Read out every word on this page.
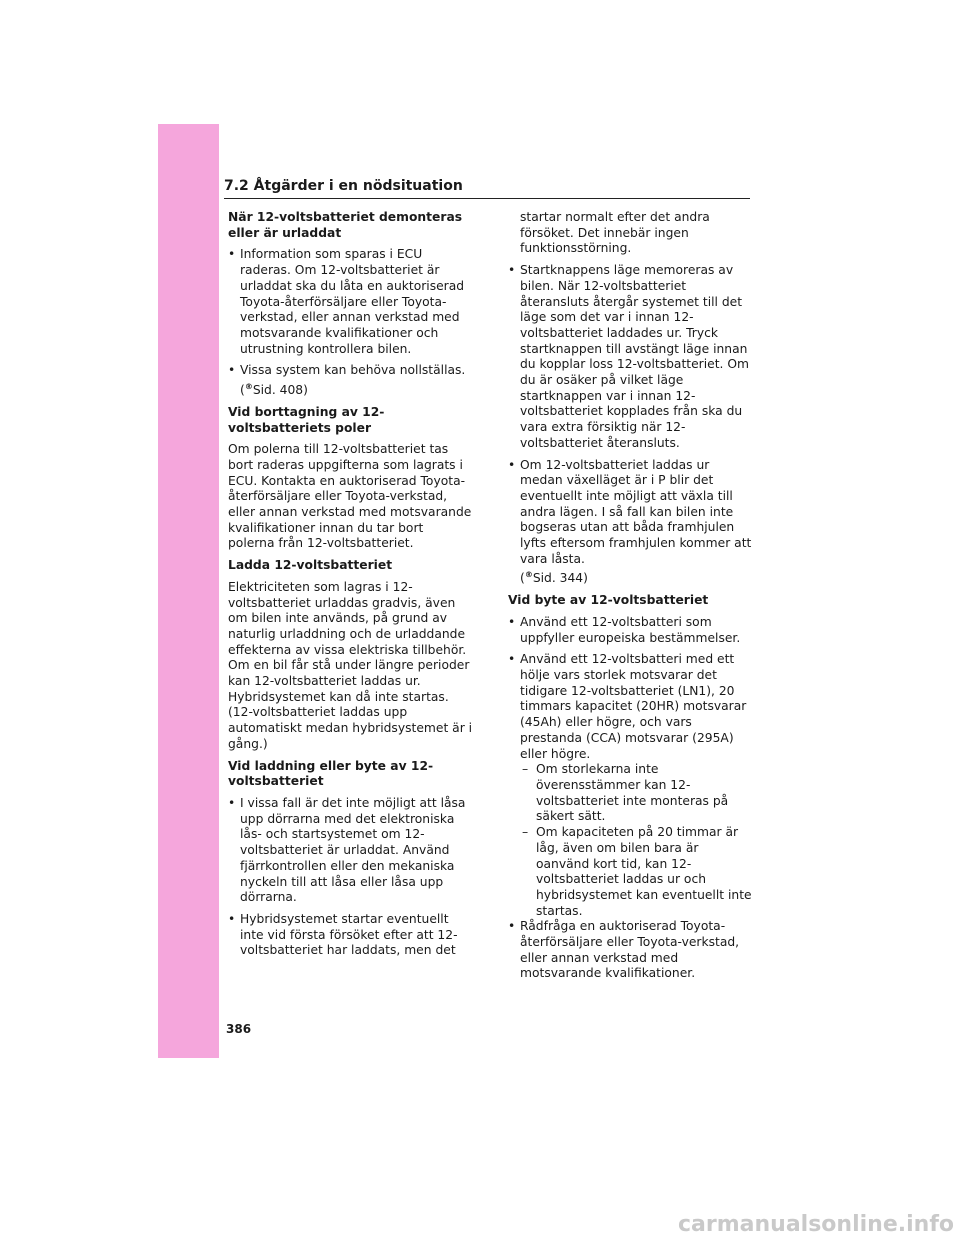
7.2 Åtgärder i en nödsituation
När 12-voltsbatteriet demonteras eller är urladdat
• Information som sparas i ECU raderas. Om 12-voltsbatteriet är urladdat ska du låta en auktoriserad Toyota-återförsäljare eller Toyota-verkstad, eller annan verkstad med motsvarande kvalifikationer och utrustning kontrollera bilen.
• Vissa system kan behöva nollställas.
(®Sid. 408)
Vid borttagning av 12-voltsbatteriets poler

Om polerna till 12-voltsbatteriet tas bort raderas uppgifterna som lagrats i ECU. Kontakta en auktoriserad Toyota-återförsäljare eller Toyota-verkstad, eller annan verkstad med motsvarande kvalifikationer innan du tar bort polerna från 12-voltsbatteriet.

Ladda 12-voltsbatteriet

Elektriciteten som lagras i 12-voltsbatteriet urladdas gradvis, även om bilen inte används, på grund av naturlig urladdning och de urladdande effekterna av vissa elektriska tillbehör. Om en bil får stå under längre perioder kan 12-voltsbatteriet laddas ur. Hybridsystemet kan då inte startas. (12-voltsbatteriet laddas upp automatiskt medan hybridsystemet är i gång.)

Vid laddning eller byte av 12-voltsbatteriet
• I vissa fall är det inte möjligt att låsa upp dörrarna med det elektroniska lås- och startsystemet om 12-voltsbatteriet är urladdat. Använd fjärrkontrollen eller den mekaniska nyckeln till att låsa eller låsa upp dörrarna.
• Hybridsystemet startar eventuellt inte vid första försöket efter att 12-voltsbatteriet har laddats, men det
startar normalt efter det andra försöket. Det innebär ingen funktionsstörning.
• Startknappens läge memoreras av bilen. När 12-voltsbatteriet återansluts återgår systemet till det läge som det var i innan 12-voltsbatteriet laddades ur. Tryck startknappen till avstängt läge innan du kopplar loss 12-voltsbatteriet. Om du är osäker på vilket läge startknappen var i innan 12-voltsbatteriet kopplades från ska du vara extra försiktig när 12-voltsbatteriet återansluts.
• Om 12-voltsbatteriet laddas ur medan växelläget är i P blir det eventuellt inte möjligt att växla till andra lägen. I så fall kan bilen inte bogseras utan att båda framhjulen lyfts eftersom framhjulen kommer att vara låsta.
(®Sid. 344)
Vid byte av 12-voltsbatteriet
• Använd ett 12-voltsbatteri som uppfyller europeiska bestämmelser.
• Använd ett 12-voltsbatteri med ett hölje vars storlek motsvarar det tidigare 12-voltsbatteriet (LN1), 20 timmars kapacitet (20HR) motsvarar (45Ah) eller högre, och vars prestanda (CCA) motsvarar (295A) eller högre.
– Om storlekarna inte överensstämmer kan 12-voltsbatteriet inte monteras på säkert sätt.
– Om kapaciteten på 20 timmar är låg, även om bilen bara är oanvänd kort tid, kan 12-voltsbatteriet laddas ur och hybridsystemet kan eventuellt inte startas.
• Rådfråga en auktoriserad Toyota-återförsäljare eller Toyota-verkstad, eller annan verkstad med motsvarande kvalifikationer.
386
carmanualsonline.info
